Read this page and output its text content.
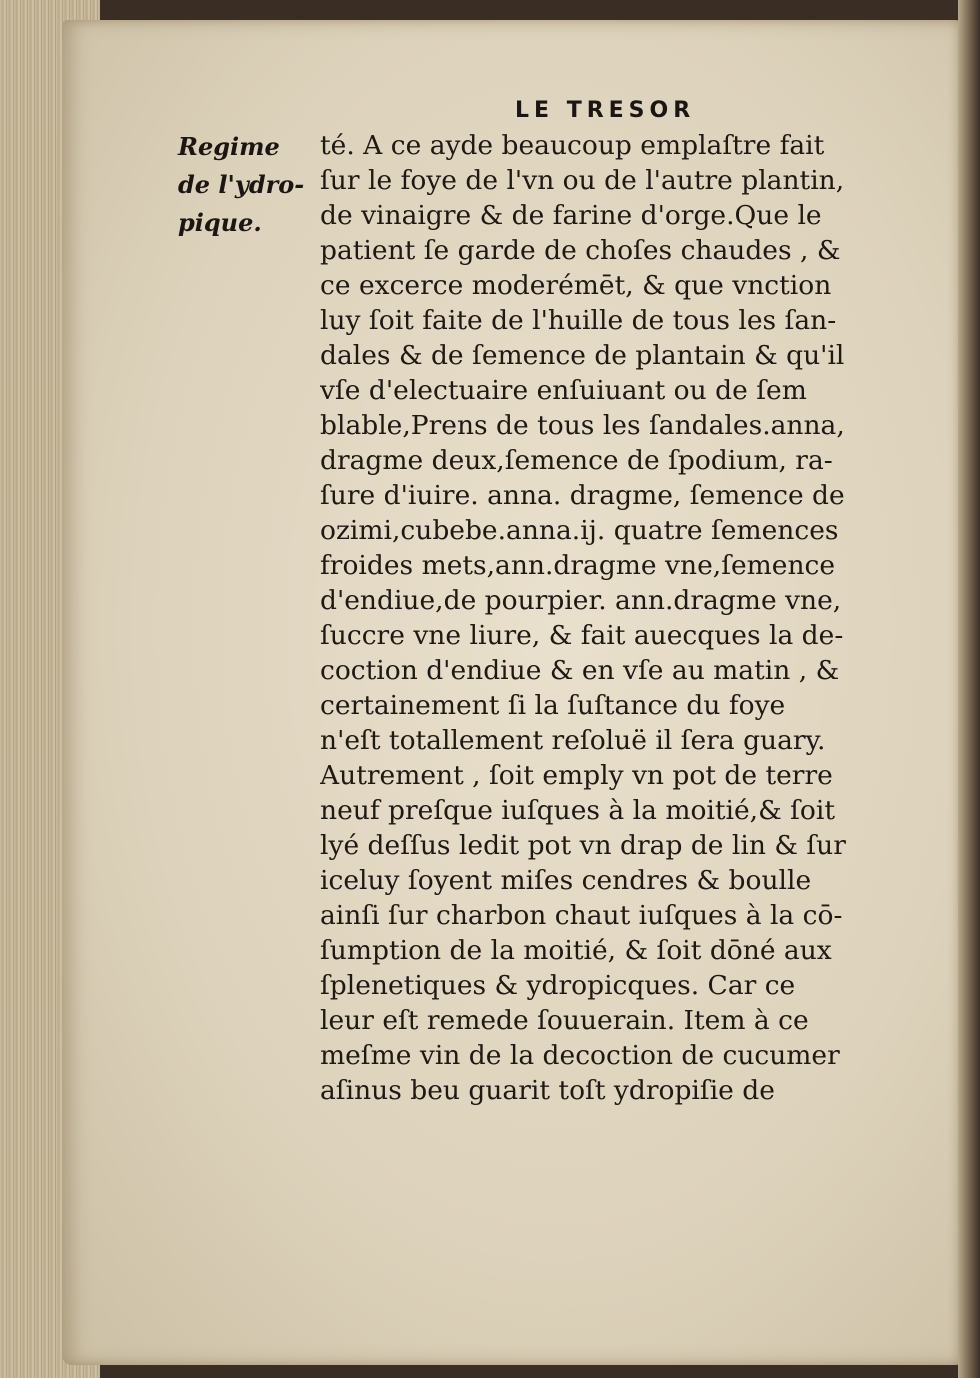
LE TRESOR
Regime
de l'ydro-
pique.
té. A ce ayde beaucoup emplaſtre fait
ſur le foye de l'vn ou de l'autre plantin,
de vinaigre & de farine d'orge.Que le
patient ſe garde de choſes chaudes , &
ce excerce moderémēt, & que vnction
luy ſoit faite de l'huille de tous les ſan-
dales & de ſemence de plantain & qu'il
vſe d'electuaire enſuiuant ou de ſem
blable,Prens de tous les ſandales.anna,
dragme deux,ſemence de ſpodium, ra-
ſure d'iuire. anna. dragme, ſemence de
ozimi,cubebe.anna.ij. quatre ſemences
froides mets,ann.dragme vne,ſemence
d'endiue,de pourpier. ann.dragme vne,
ſuccre vne liure, & fait auecques la de-
coction d'endiue & en vſe au matin , &
certainement ſi la ſuſtance du foye
n'eſt totallement reſoluë il ſera guary.
Autrement , ſoit emply vn pot de terre
neuf preſque iuſques à la moitié,& ſoit
lyé deſſus ledit pot vn drap de lin & ſur
iceluy ſoyent miſes cendres & boulle
ainſi ſur charbon chaut iuſques à la cō-
ſumption de la moitié, & ſoit dōné aux
ſplenetiques & ydropicques. Car ce
leur eſt remede ſouuerain. Item à ce
meſme vin de la decoction de cucumer
aſinus beu guarit toſt ydropiſie de
